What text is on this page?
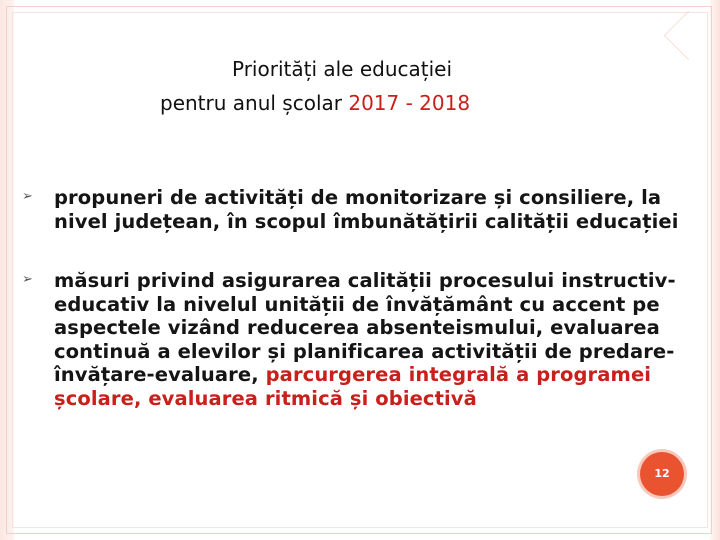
Priorități ale educației
pentru anul școlar 2017 - 2018
➢ propuneri de activități de monitorizare și consiliere, la nivel județean, în scopul îmbunătățirii calității educației
➢ măsuri privind asigurarea calității procesului instructiv-educativ la nivelul unității de învățământ cu accent pe aspectele vizând reducerea absenteismului, evaluarea continuă a elevilor și planificarea activității de predare-învățare-evaluare, parcurgerea integrală a programei școlare, evaluarea ritmică și obiectivă
12
